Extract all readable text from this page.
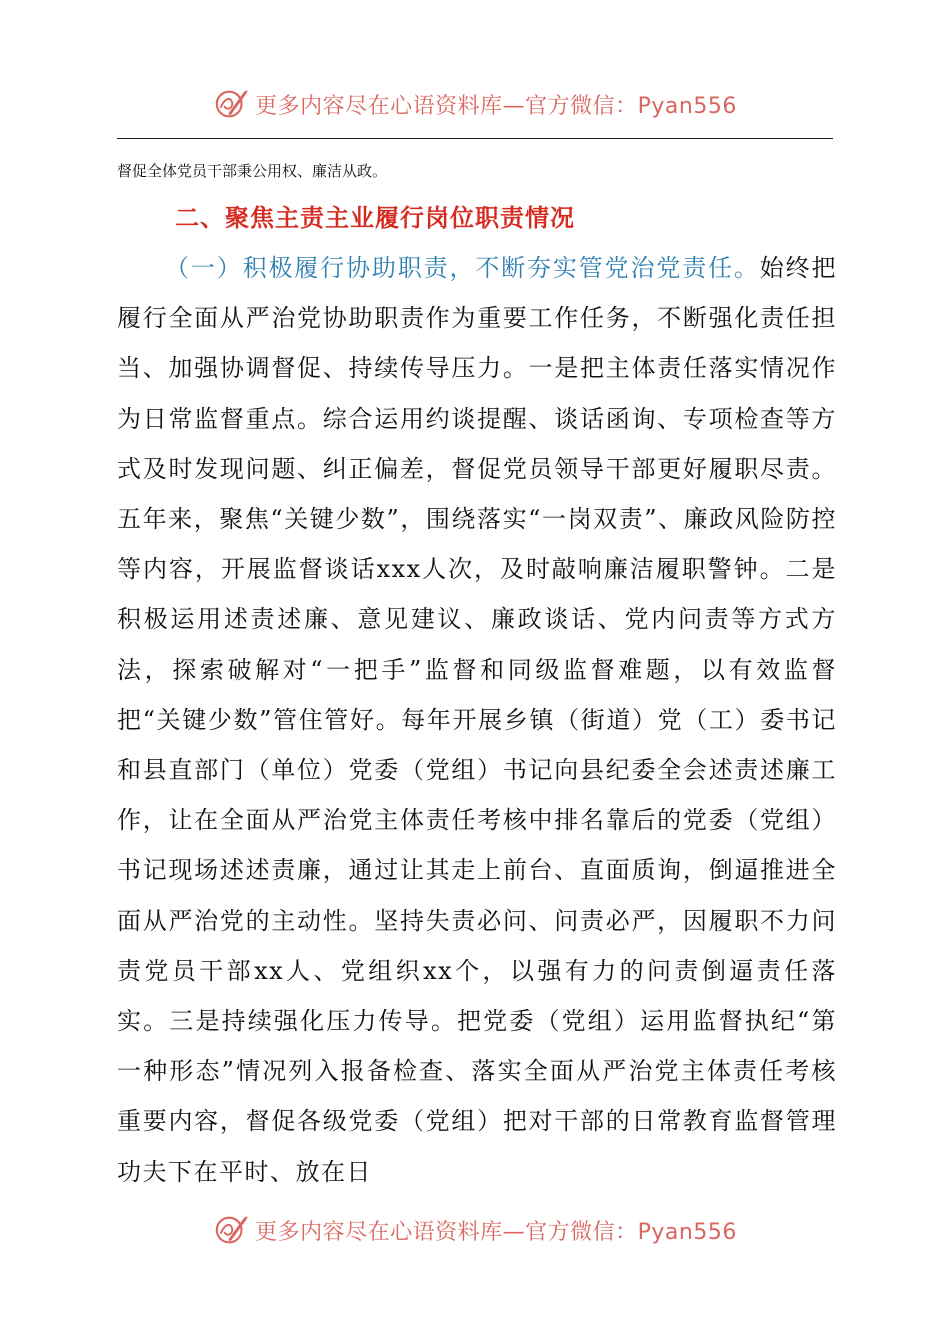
更多内容尽在心语资料库—官方微信：Pyan556
督促全体党员干部秉公用权、廉洁从政。
二、聚焦主责主业履行岗位职责情况
（一）积极履行协助职责，不断夯实管党治党责任。始终把履行全面从严治党协助职责作为重要工作任务，不断强化责任担当、加强协调督促、持续传导压力。一是把主体责任落实情况作为日常监督重点。综合运用约谈提醒、谈话函询、专项检查等方式及时发现问题、纠正偏差，督促党员领导干部更好履职尽责。五年来，聚焦“关键少数”，围绕落实“一岗双责”、廉政风险防控等内容，开展监督谈话xxx人次，及时敲响廉洁履职警钟。二是积极运用述责述廉、意见建议、廉政谈话、党内问责等方式方法，探索破解对“一把手”监督和同级监督难题，以有效监督把“关键少数”管住管好。每年开展乡镇（街道）党（工）委书记和县直部门（单位）党委（党组）书记向县纪委全会述责述廉工作，让在全面从严治党主体责任考核中排名靠后的党委（党组）书记现场述述责廉，通过让其走上前台、直面质询，倒逼推进全面从严治党的主动性。坚持失责必问、问责必严，因履职不力问责党员干部xx人、党组织xx个，以强有力的问责倒逼责任落实。三是持续强化压力传导。把党委（党组）运用监督执纪“第一种形态”情况列入报备检查、落实全面从严治党主体责任考核重要内容，督促各级党委（党组）把对干部的日常教育监督管理功夫下在平时、放在日
更多内容尽在心语资料库—官方微信：Pyan556
